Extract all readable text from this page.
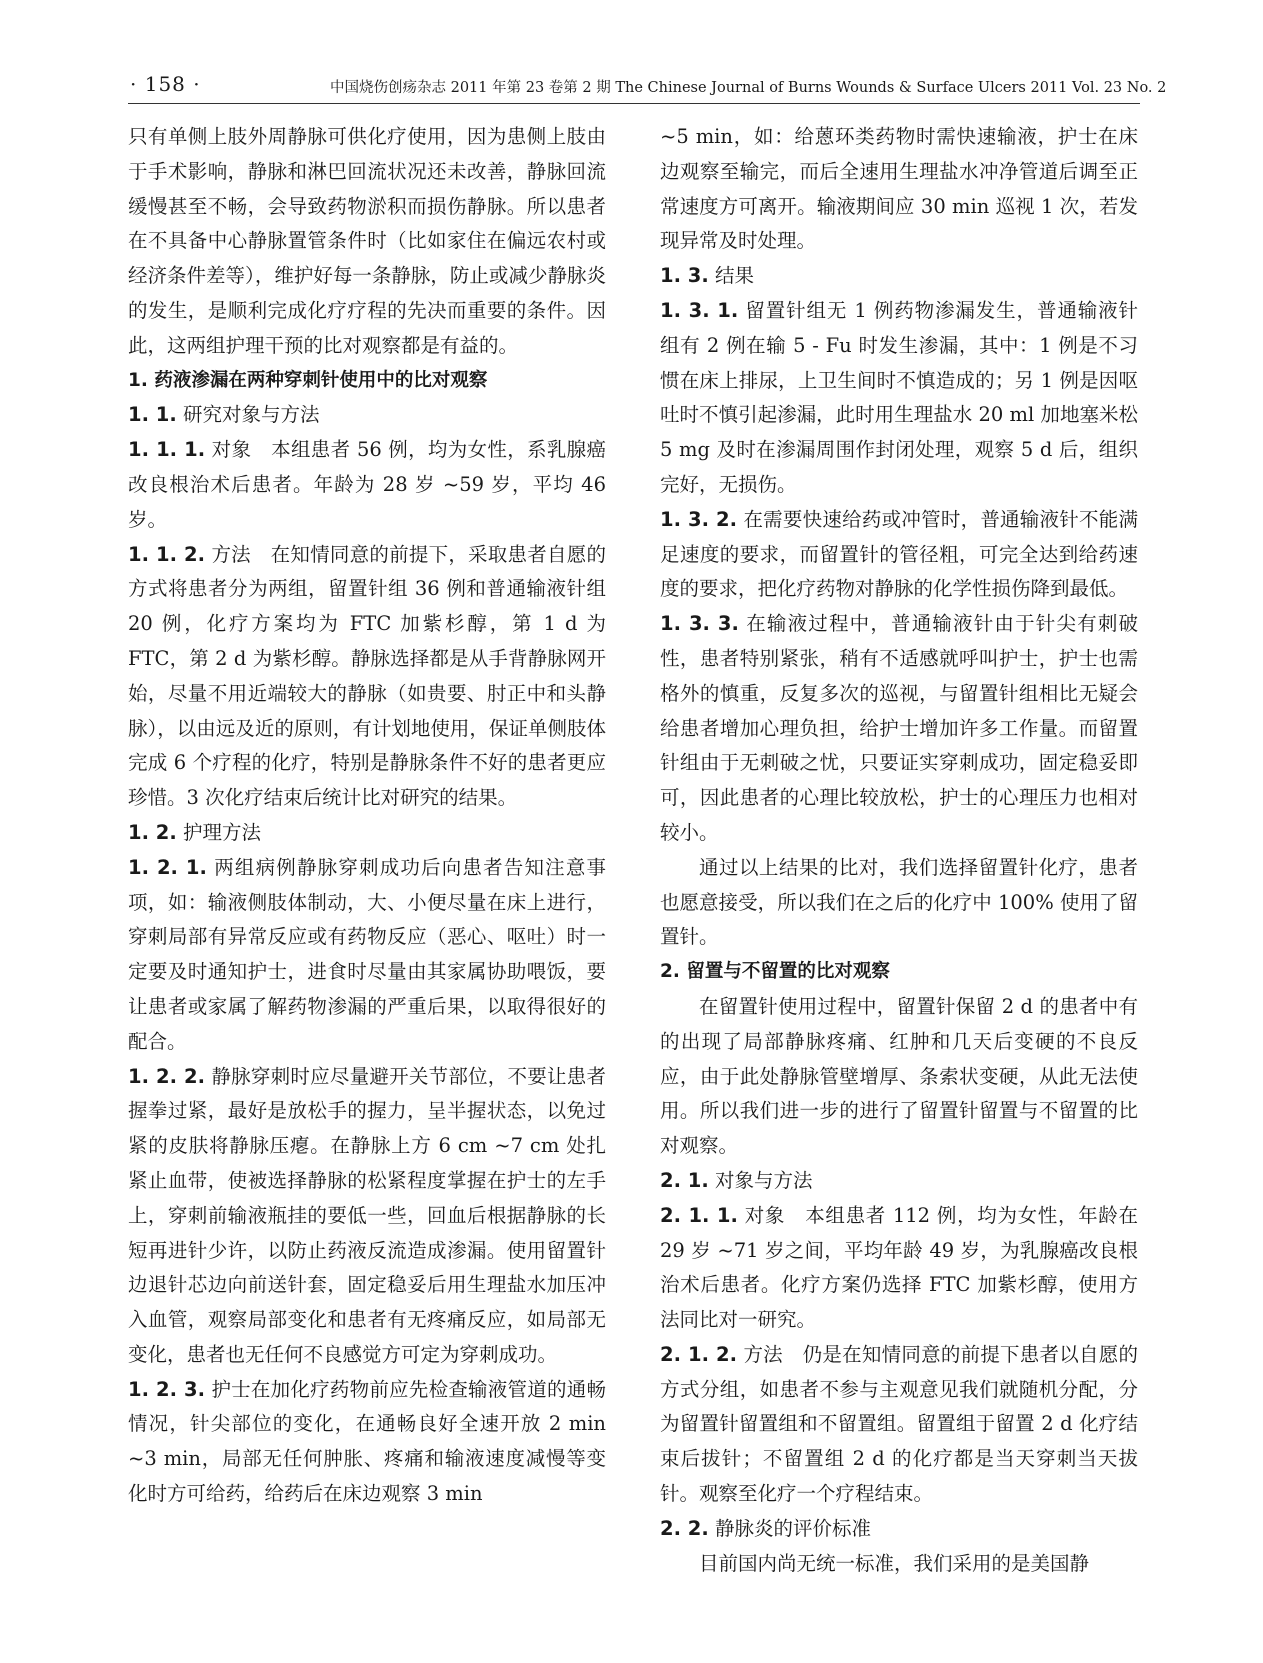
· 158 ·	中国烧伤创疡杂志 2011 年第 23 卷第 2 期 The Chinese Journal of Burns Wounds & Surface Ulcers 2011 Vol. 23 No. 2

只有单侧上肢外周静脉可供化疗使用，因为患侧上肢由于手术影响，静脉和淋巴回流状况还未改善，静脉回流缓慢甚至不畅，会导致药物淤积而损伤静脉。所以患者在不具备中心静脉置管条件时（比如家住在偏远农村或经济条件差等），维护好每一条静脉，防止或减少静脉炎的发生，是顺利完成化疗疗程的先决而重要的条件。因此，这两组护理干预的比对观察都是有益的。

1. 药液渗漏在两种穿刺针使用中的比对观察

1. 1. 研究对象与方法

1. 1. 1. 对象　本组患者 56 例，均为女性，系乳腺癌改良根治术后患者。年龄为 28 岁 ~59 岁，平均 46 岁。

1. 1. 2. 方法　在知情同意的前提下，采取患者自愿的方式将患者分为两组，留置针组 36 例和普通输液针组 20 例，化疗方案均为 FTC 加紫杉醇，第 1 d 为 FTC，第 2 d 为紫杉醇。静脉选择都是从手背静脉网开始，尽量不用近端较大的静脉（如贵要、肘正中和头静脉），以由远及近的原则，有计划地使用，保证单侧肢体完成 6 个疗程的化疗，特别是静脉条件不好的患者更应珍惜。3 次化疗结束后统计比对研究的结果。

1. 2. 护理方法

1. 2. 1. 两组病例静脉穿刺成功后向患者告知注意事项，如：输液侧肢体制动，大、小便尽量在床上进行，穿刺局部有异常反应或有药物反应（恶心、呕吐）时一定要及时通知护士，进食时尽量由其家属协助喂饭，要让患者或家属了解药物渗漏的严重后果，以取得很好的配合。

1. 2. 2. 静脉穿刺时应尽量避开关节部位，不要让患者握拳过紧，最好是放松手的握力，呈半握状态，以免过紧的皮肤将静脉压瘪。在静脉上方 6 cm ~7 cm 处扎紧止血带，使被选择静脉的松紧程度掌握在护士的左手上，穿刺前输液瓶挂的要低一些，回血后根据静脉的长短再进针少许，以防止药液反流造成渗漏。使用留置针边退针芯边向前送针套，固定稳妥后用生理盐水加压冲入血管，观察局部变化和患者有无疼痛反应，如局部无变化，患者也无任何不良感觉方可定为穿刺成功。

1. 2. 3. 护士在加化疗药物前应先检查输液管道的通畅情况，针尖部位的变化，在通畅良好全速开放 2 min ~3 min，局部无任何肿胀、疼痛和输液速度减慢等变化时方可给药，给药后在床边观察 3 min

~5 min，如：给蒽环类药物时需快速输液，护士在床边观察至输完，而后全速用生理盐水冲净管道后调至正常速度方可离开。输液期间应 30 min 巡视 1 次，若发现异常及时处理。

1. 3. 结果

1. 3. 1. 留置针组无 1 例药物渗漏发生，普通输液针组有 2 例在输 5 - Fu 时发生渗漏，其中：1 例是不习惯在床上排尿，上卫生间时不慎造成的；另 1 例是因呕吐时不慎引起渗漏，此时用生理盐水 20 ml 加地塞米松 5 mg 及时在渗漏周围作封闭处理，观察 5 d 后，组织完好，无损伤。

1. 3. 2. 在需要快速给药或冲管时，普通输液针不能满足速度的要求，而留置针的管径粗，可完全达到给药速度的要求，把化疗药物对静脉的化学性损伤降到最低。

1. 3. 3. 在输液过程中，普通输液针由于针尖有刺破性，患者特别紧张，稍有不适感就呼叫护士，护士也需格外的慎重，反复多次的巡视，与留置针组相比无疑会给患者增加心理负担，给护士增加许多工作量。而留置针组由于无刺破之忧，只要证实穿刺成功，固定稳妥即可，因此患者的心理比较放松，护士的心理压力也相对较小。

通过以上结果的比对，我们选择留置针化疗，患者也愿意接受，所以我们在之后的化疗中 100% 使用了留置针。

2. 留置与不留置的比对观察

在留置针使用过程中，留置针保留 2 d 的患者中有的出现了局部静脉疼痛、红肿和几天后变硬的不良反应，由于此处静脉管壁增厚、条索状变硬，从此无法使用。所以我们进一步的进行了留置针留置与不留置的比对观察。

2. 1. 对象与方法

2. 1. 1. 对象　本组患者 112 例，均为女性，年龄在 29 岁 ~71 岁之间，平均年龄 49 岁，为乳腺癌改良根治术后患者。化疗方案仍选择 FTC 加紫杉醇，使用方法同比对一研究。

2. 1. 2. 方法　仍是在知情同意的前提下患者以自愿的方式分组，如患者不参与主观意见我们就随机分配，分为留置针留置组和不留置组。留置组于留置 2 d 化疗结束后拔针；不留置组 2 d 的化疗都是当天穿刺当天拔针。观察至化疗一个疗程结束。

2. 2. 静脉炎的评价标准

目前国内尚无统一标准，我们采用的是美国静
